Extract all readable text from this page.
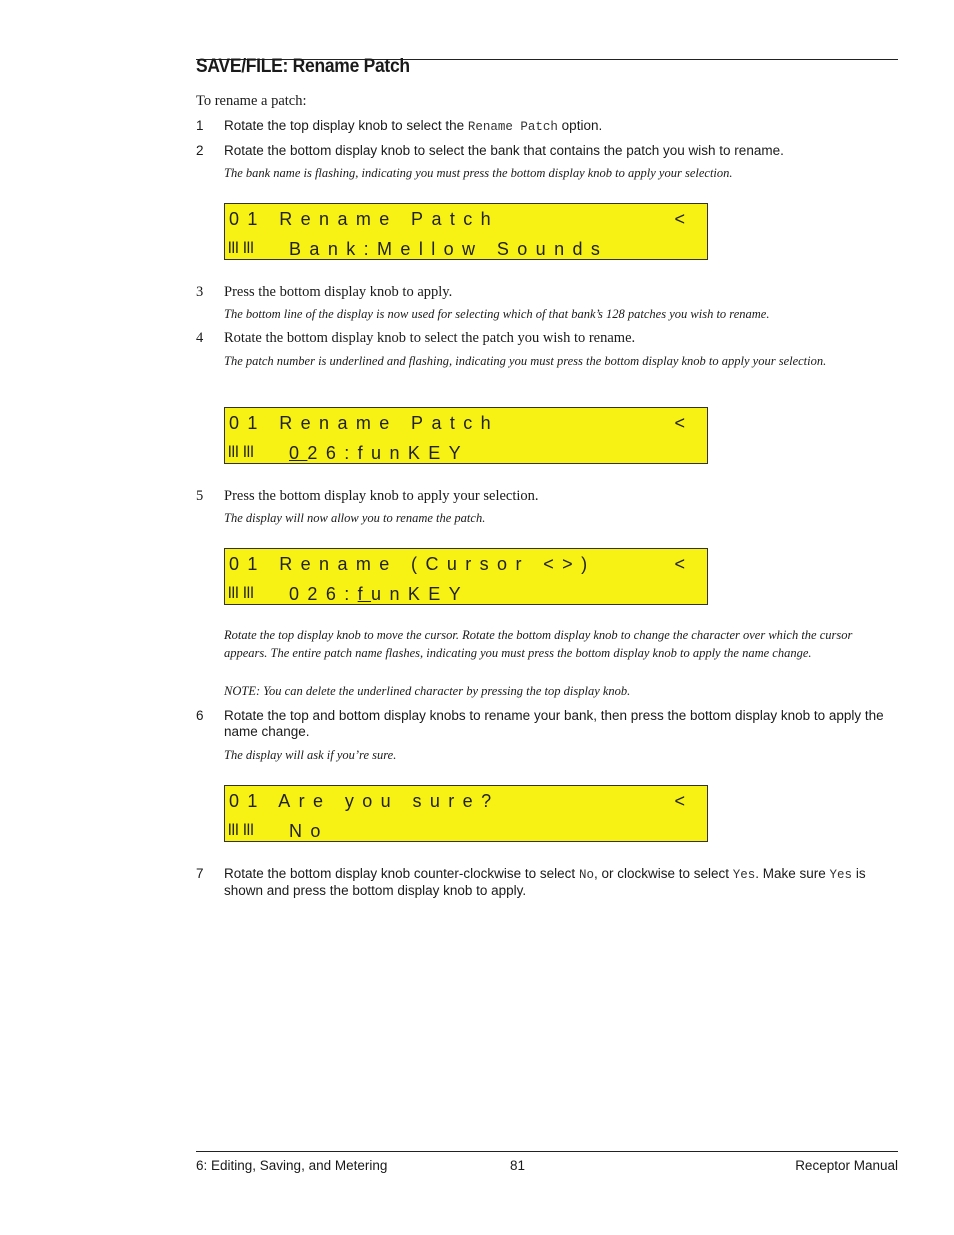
SAVE/FILE: Rename Patch
To rename a patch:
1	Rotate the top display knob to select the Rename Patch option.
2	Rotate the bottom display knob to select the bank that contains the patch you wish to rename.
The bank name is flashing, indicating you must press the bottom display knob to apply your selection.
01 Rename Patch	<
lll lll Bank:Mellow Sounds
3	Press the bottom display knob to apply.
The bottom line of the display is now used for selecting which of that bank’s 128 patches you wish to rename.
4	Rotate the bottom display knob to select the patch you wish to rename.
The patch number is underlined and flashing, indicating you must press the bottom display knob to apply your selection.
01 Rename Patch	<
lll lll 026:funKEY
5	Press the bottom display knob to apply your selection.
The display will now allow you to rename the patch.
01 Rename (Cursor <>)	<
lll lll 026:funKEY
Rotate the top display knob to move the cursor. Rotate the bottom display knob to change the character over which the cursor appears. The entire patch name flashes, indicating you must press the bottom display knob to apply the name change.
NOTE: You can delete the underlined character by pressing the top display knob.
6	Rotate the top and bottom display knobs to rename your bank, then press the bottom display knob to apply the name change.
The display will ask if you’re sure.
01 Are you sure?	<
lll lll No
7	Rotate the bottom display knob counter-clockwise to select No, or clockwise to select Yes. Make sure Yes is shown and press the bottom display knob to apply.
6: Editing, Saving, and Metering	81	Receptor Manual
